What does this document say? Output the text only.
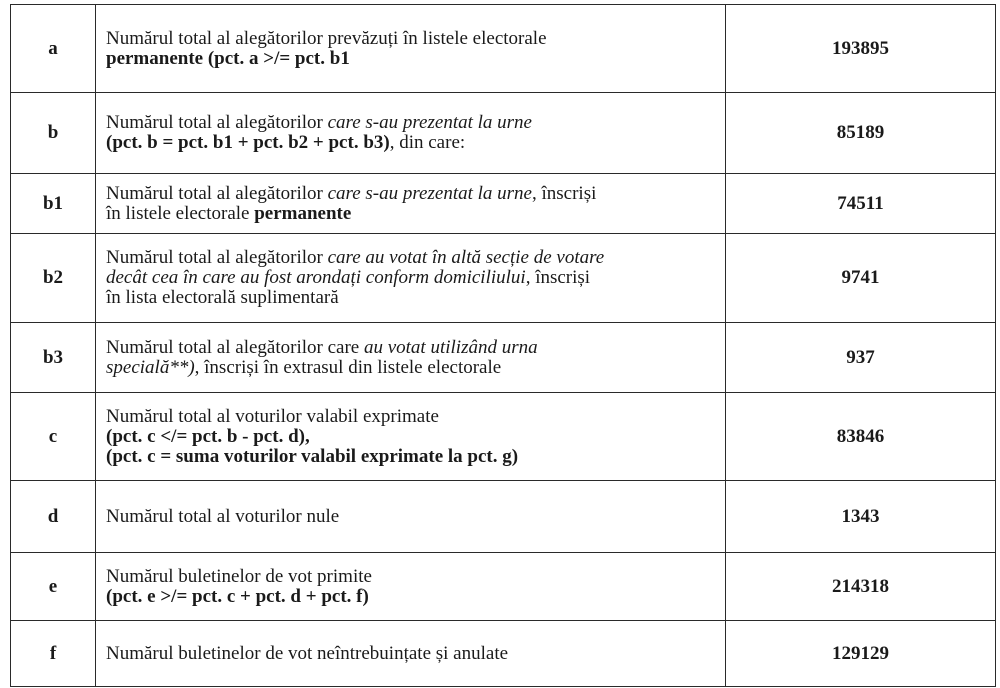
a	Numărul total al alegătorilor prevăzuți în listele electorale
permanente (pct. a >/= pct. b1	193895
b	Numărul total al alegătorilor care s-au prezentat la urne
(pct. b = pct. b1 + pct. b2 + pct. b3), din care:	85189
b1	Numărul total al alegătorilor care s-au prezentat la urne, înscriși
în listele electorale permanente	74511
b2	Numărul total al alegătorilor care au votat în altă secție de votare
decât cea în care au fost arondați conform domiciliului, înscriși
în lista electorală suplimentară	9741
b3	Numărul total al alegătorilor care au votat utilizând urna
specială**), înscriși în extrasul din listele electorale	937
c	Numărul total al voturilor valabil exprimate
(pct. c </= pct. b - pct. d),
(pct. c = suma voturilor valabil exprimate la pct. g)	83846
d	Numărul total al voturilor nule	1343
e	Numărul buletinelor de vot primite
(pct. e >/= pct. c + pct. d + pct. f)	214318
f	Numărul buletinelor de vot neîntrebuințate și anulate	129129
